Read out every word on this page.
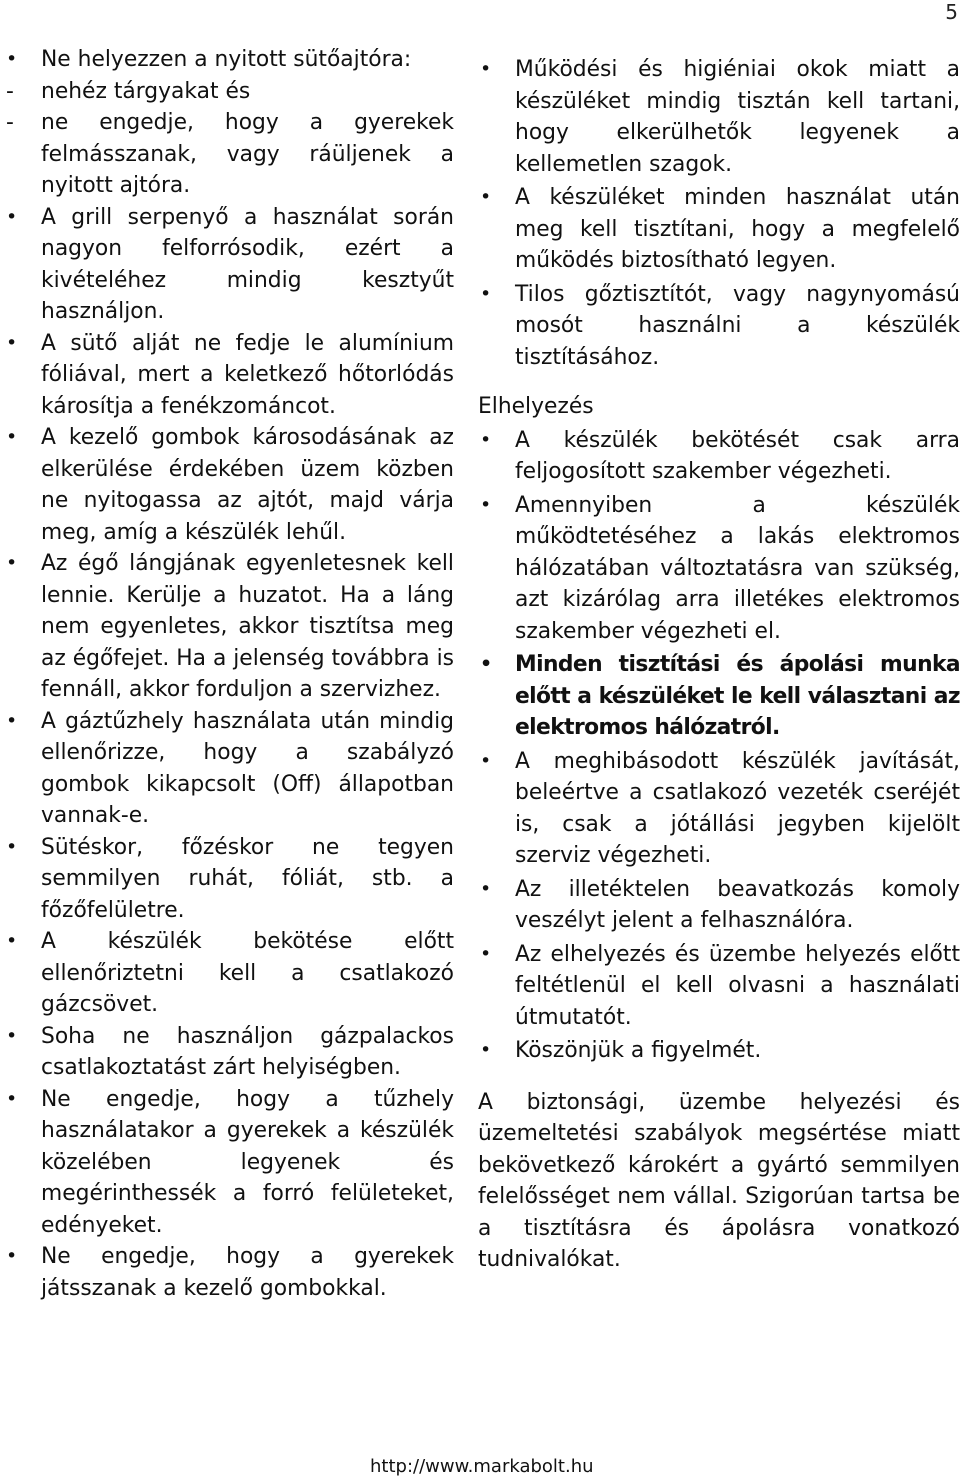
5
•	Ne helyezzen a nyitott sütőajtóra:
-	nehéz tárgyakat és
-	ne engedje, hogy a gyerekek felmásszanak, vagy ráüljenek a nyitott ajtóra.
•	A grill serpenyő a használat során nagyon felforrósodik, ezért a kivételéhez mindig kesztyűt használjon.
•	A sütő alját ne fedje le alumínium fóliával, mert a keletkező hőtorlódás károsítja a fenékzománcot.
•	A kezelő gombok károsodásának az elkerülése érdekében üzem közben ne nyitogassa az ajtót, majd várja meg, amíg a készülék lehűl.
•	Az égő lángjának egyenletesnek kell lennie. Kerülje a huzatot. Ha a láng nem egyenletes, akkor tisztítsa meg az égőfejet. Ha a jelenség továbbra is fennáll, akkor forduljon a szervizhez.
•	A gáztűzhely használata után mindig ellenőrizze, hogy a szabályzó gombok kikapcsolt (Off) állapotban vannak-e.
•	Sütéskor, főzéskor ne tegyen semmilyen ruhát, fóliát, stb. a főzőfelületre.
•	A készülék bekötése előtt ellenőriztetni kell a csatlakozó gázcsövet.
•	Soha ne használjon gázpalackos csatlakoztatást zárt helyiségben.
•	Ne engedje, hogy a tűzhely használatakor a gyerekek a készülék közelében legyenek és megérinthessék a forró felületeket, edényeket.
•	Ne engedje, hogy a gyerekek játsszanak a kezelő gombokkal.
•	Működési és higiéniai okok miatt a készüléket mindig tisztán kell tartani, hogy elkerülhetők legyenek a kellemetlen szagok.
•	A készüléket minden használat után meg kell tisztítani, hogy a megfelelő működés biztosítható legyen.
•	Tilos gőztisztítót, vagy nagynyomású mosót használni a készülék tisztításához.
Elhelyezés
•	A készülék bekötését csak arra feljogosított szakember végezheti.
•	Amennyiben a készülék működtetéséhez a lakás elektromos hálózatában változtatásra van szükség, azt kizárólag arra illetékes elektromos szakember végezheti el.
•	Minden tisztítási és ápolási munka előtt a készüléket le kell választani az elektromos hálózatról.
•	A meghibásodott készülék javítását, beleértve a csatlakozó vezeték cseréjét is, csak a jótállási jegyben kijelölt szerviz végezheti.
•	Az illetéktelen beavatkozás komoly veszélyt jelent a felhasználóra.
•	Az elhelyezés és üzembe helyezés előtt feltétlenül el kell olvasni a használati útmutatót.
•	Köszönjük a figyelmét.
A biztonsági, üzembe helyezési és üzemeltetési szabályok megsértése miatt bekövetkező károkért a gyártó semmilyen felelősséget nem vállal. Szigorúan tartsa be a tisztításra és ápolásra vonatkozó tudnivalókat.
http://www.markabolt.hu
